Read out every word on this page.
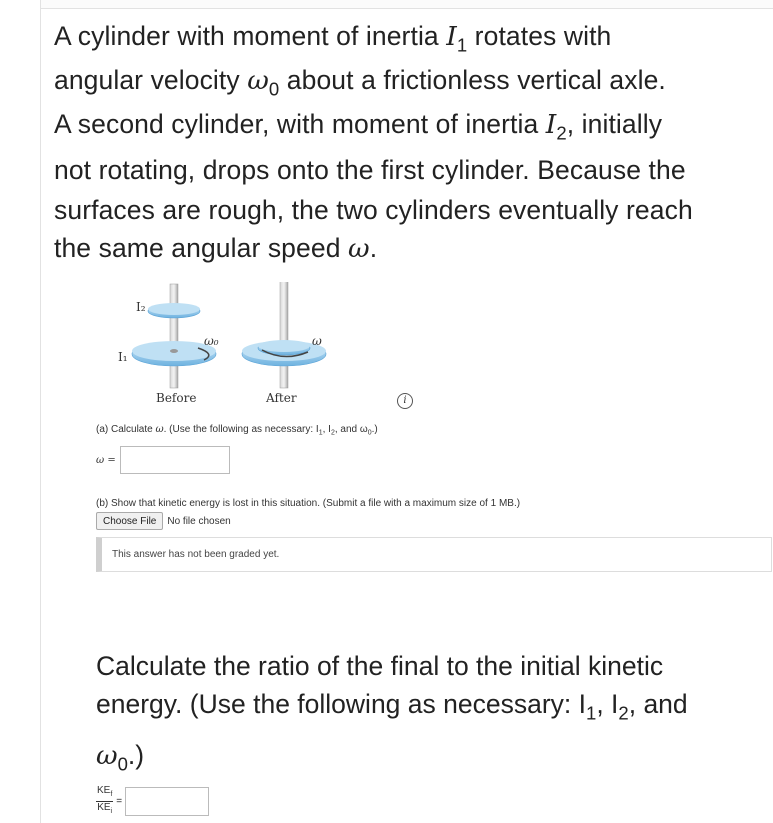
A cylinder with moment of inertia $I_1$ rotates with
angular velocity $\omega_0$ about a frictionless vertical axle.
A second cylinder, with moment of inertia $I_2$, initially
not rotating, drops onto the first cylinder. Because the
surfaces are rough, the two cylinders eventually reach
the same angular speed ω.
I₂
I₁
ω₀	ω
Before	After	i
(a) Calculate ω. (Use the following as necessary: $I_1$, $I_2$, and $\omega_0$.)
ω =
(b) Show that kinetic energy is lost in this situation. (Submit a file with a maximum size of 1 MB.)
Choose File	No file chosen
This answer has not been graded yet.
Calculate the ratio of the final to the initial kinetic
energy. (Use the following as necessary: $I_1$, $I_2$, and
$\omega_0$.)
$\frac{KE_f}{KE_i}$ =
